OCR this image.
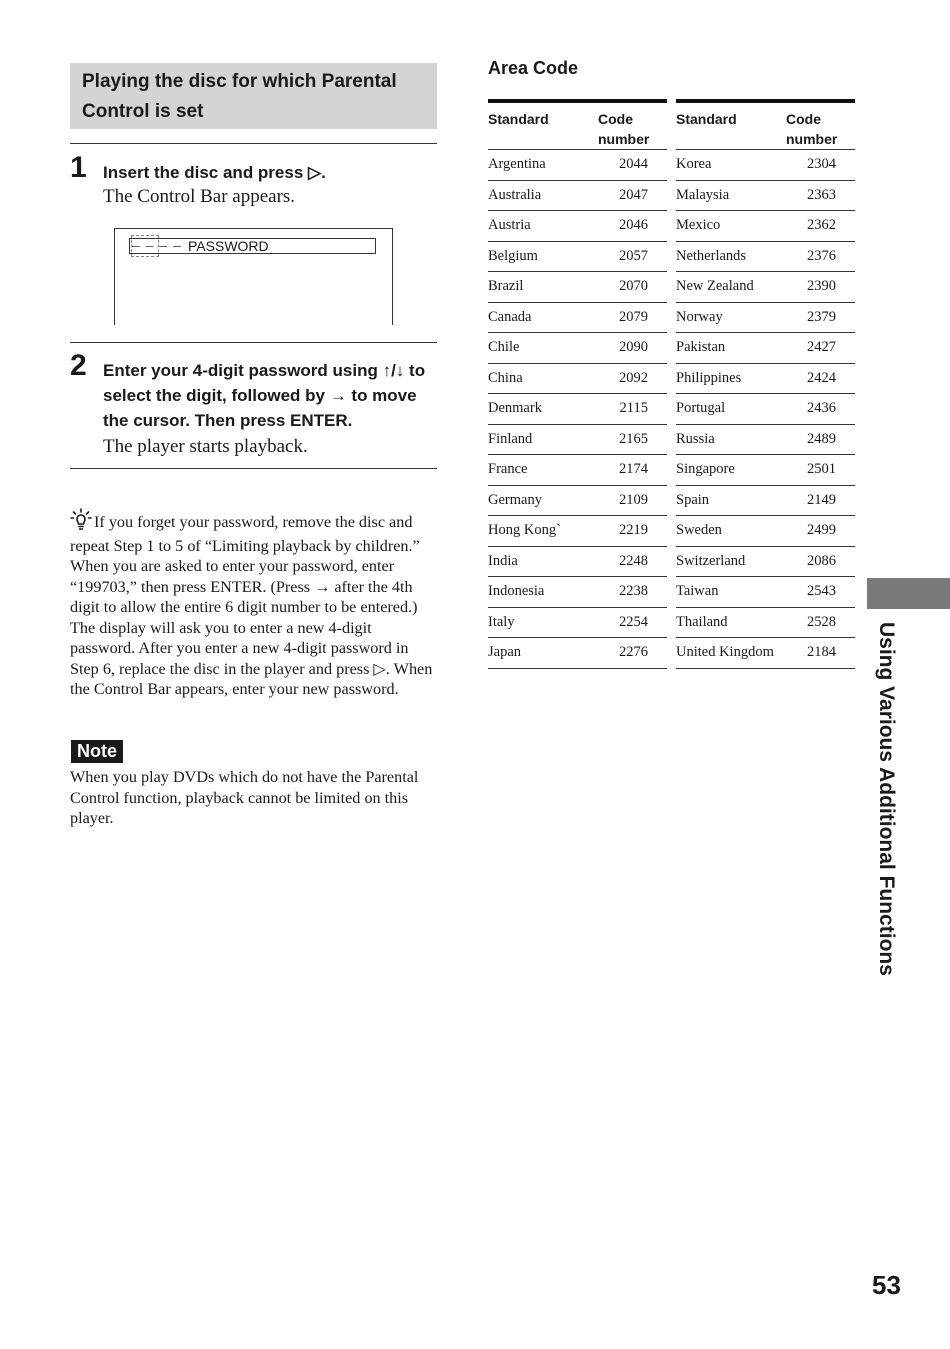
Playing the disc for which Parental
Control is set
1 Insert the disc and press ▷.
The Control Bar appears.
– – – – PASSWORD
2 Enter your 4-digit password using ↑/↓ to
select the digit, followed by → to move
the cursor. Then press ENTER.
The player starts playback.
If you forget your password, remove the disc and repeat Step 1 to 5 of “Limiting playback by children.” When you are asked to enter your password, enter “199703,” then press ENTER. (Press → after the 4th digit to allow the entire 6 digit number to be entered.) The display will ask you to enter a new 4-digit password. After you enter a new 4-digit password in Step 6, replace the disc in the player and press ▷. When the Control Bar appears, enter your new password.
Note
When you play DVDs which do not have the Parental Control function, playback cannot be limited on this player.
Area Code
Standard	Code
number

Argentina	2044
Australia	2047
Austria	2046
Belgium	2057
Brazil	2070
Canada	2079
Chile	2090
China	2092
Denmark	2115
Finland	2165
France	2174
Germany	2109
Hong Kong`	2219
India	2248
Indonesia	2238
Italy	2254
Japan	2276
Standard	Code
number

Korea	2304
Malaysia	2363
Mexico	2362
Netherlands	2376
New Zealand	2390
Norway	2379
Pakistan	2427
Philippines	2424
Portugal	2436
Russia	2489
Singapore	2501
Spain	2149
Sweden	2499
Switzerland	2086
Taiwan	2543
Thailand	2528
United Kingdom	2184 Using Various Additional Functions
53
